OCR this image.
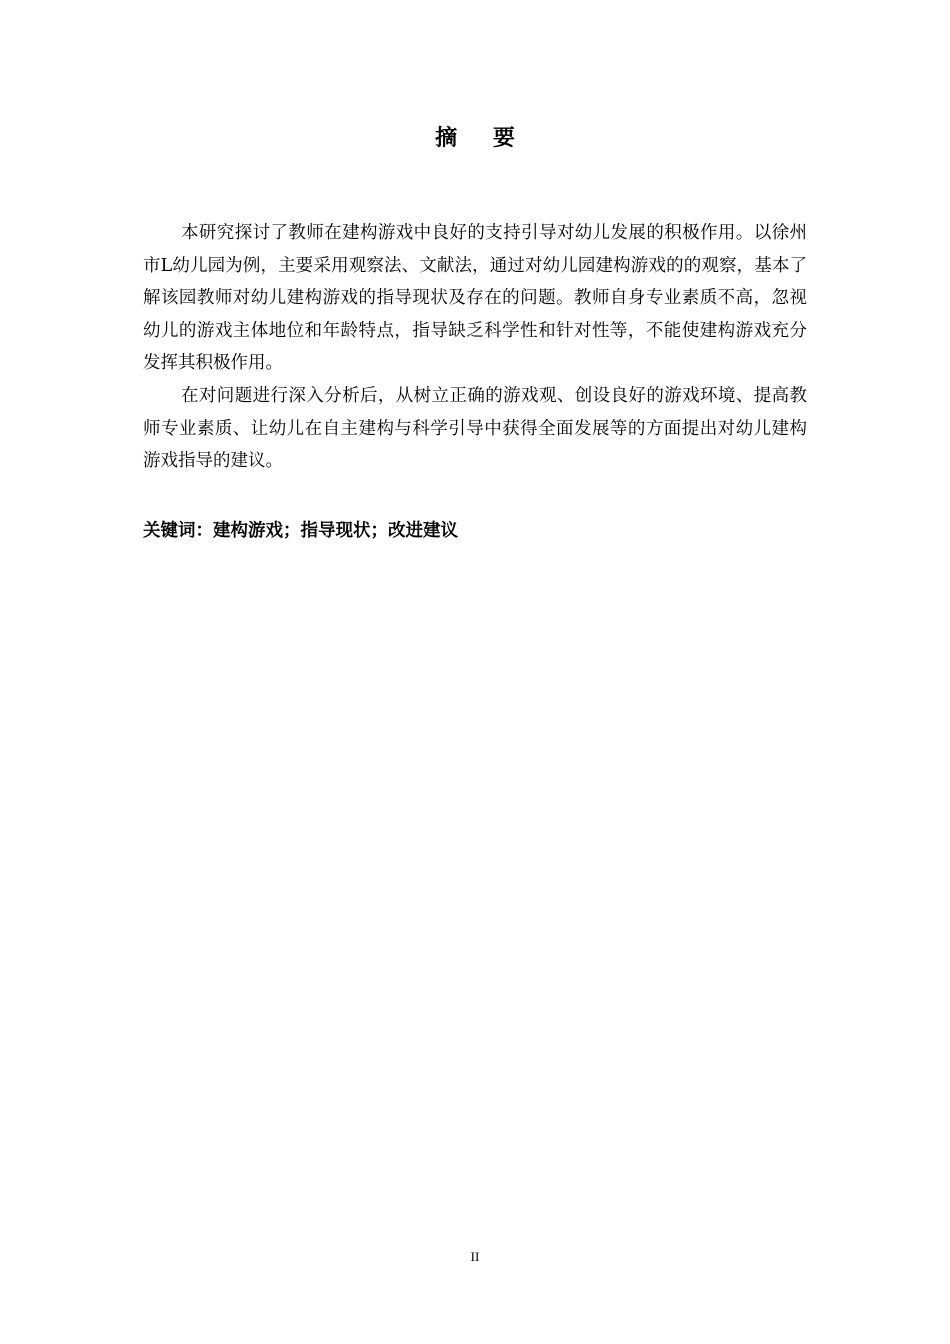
摘 要

本研究探讨了教师在建构游戏中良好的支持引导对幼儿发展的积极作用。以徐州市L幼儿园为例，主要采用观察法、文献法，通过对幼儿园建构游戏的的观察，基本了解该园教师对幼儿建构游戏的指导现状及存在的问题。教师自身专业素质不高，忽视幼儿的游戏主体地位和年龄特点，指导缺乏科学性和针对性等，不能使建构游戏充分发挥其积极作用。

在对问题进行深入分析后，从树立正确的游戏观、创设良好的游戏环境、提高教师专业素质、让幼儿在自主建构与科学引导中获得全面发展等的方面提出对幼儿建构游戏指导的建议。

关键词：建构游戏；指导现状；改进建议
II
